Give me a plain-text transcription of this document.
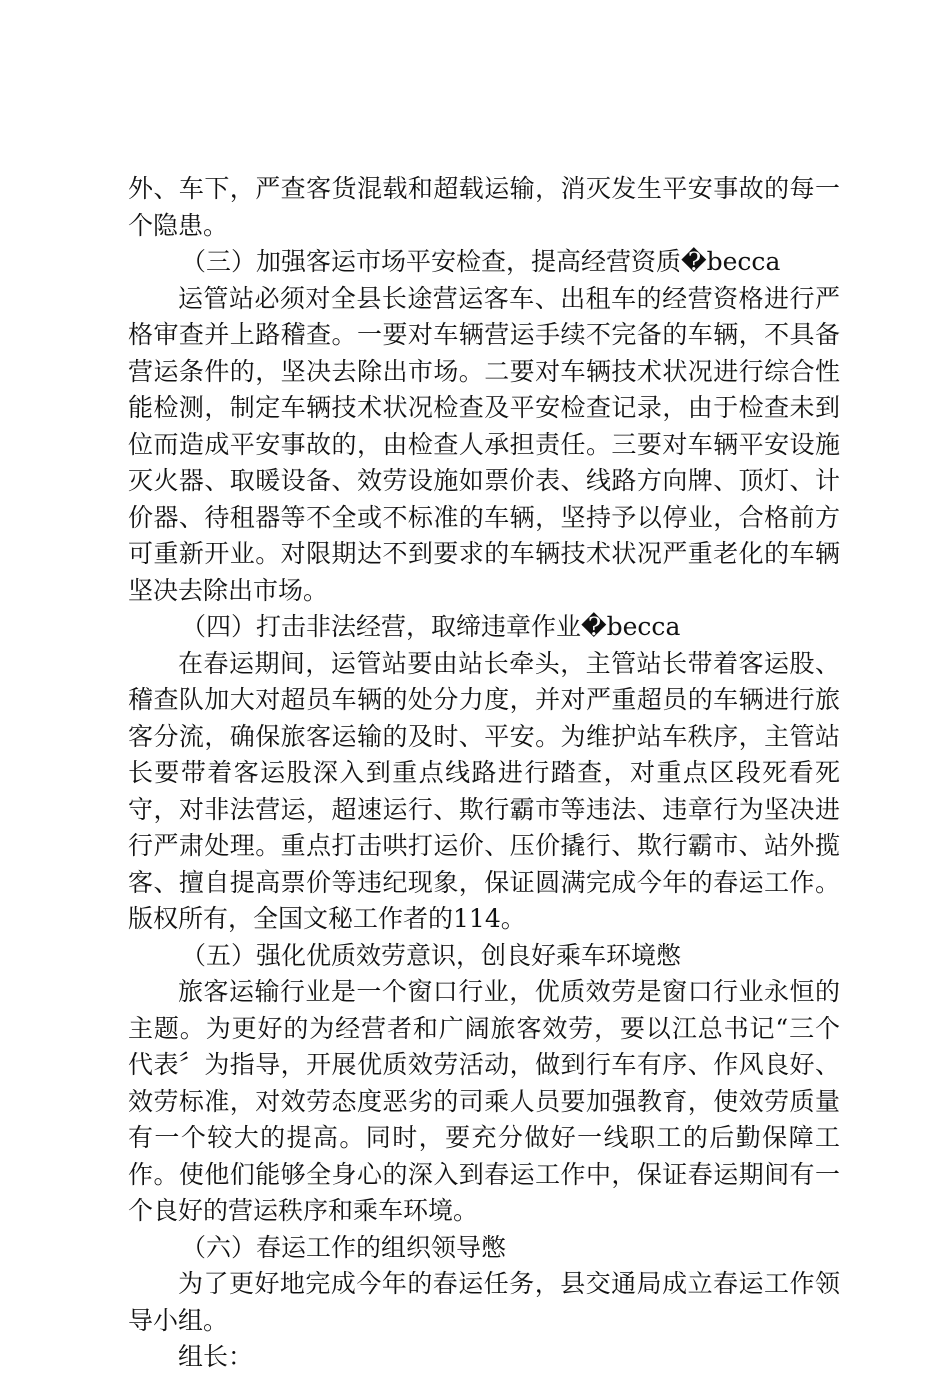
外、车下，严查客货混载和超载运输，消灭发生平安事故的每一个隐患。

（三）加强客运市场平安检查，提高经营资质�becca

运管站必须对全县长途营运客车、出租车的经营资格进行严格审查并上路稽查。一要对车辆营运手续不完备的车辆，不具备营运条件的，坚决去除出市场。二要对车辆技术状况进行综合性能检测，制定车辆技术状况检查及平安检查记录，由于检查未到位而造成平安事故的，由检查人承担责任。三要对车辆平安设施灭火器、取暖设备、效劳设施如票价表、线路方向牌、顶灯、计价器、待租器等不全或不标准的车辆，坚持予以停业，合格前方可重新开业。对限期达不到要求的车辆技术状况严重老化的车辆坚决去除出市场。

（四）打击非法经营，取缔违章作业�becca

在春运期间，运管站要由站长牵头，主管站长带着客运股、稽查队加大对超员车辆的处分力度，并对严重超员的车辆进行旅客分流，确保旅客运输的及时、平安。为维护站车秩序，主管站长要带着客运股深入到重点线路进行踏查，对重点区段死看死守，对非法营运，超速运行、欺行霸市等违法、违章行为坚决进行严肃处理。重点打击哄打运价、压价撬行、欺行霸市、站外揽客、擅自提高票价等违纪现象，保证圆满完成今年的春运工作。版权所有，全国文秘工作者的114。

（五）强化优质效劳意识，创良好乘车环境憋

旅客运输行业是一个窗口行业，优质效劳是窗口行业永恒的主题。为更好的为经营者和广阔旅客效劳，要以江总书记“三个代表〞为指导，开展优质效劳活动，做到行车有序、作风良好、效劳标准，对效劳态度恶劣的司乘人员要加强教育，使效劳质量有一个较大的提高。同时，要充分做好一线职工的后勤保障工作。使他们能够全身心的深入到春运工作中，保证春运期间有一个良好的营运秩序和乘车环境。

（六）春运工作的组织领导憋

为了更好地完成今年的春运任务，县交通局成立春运工作领导小组。

组长：
